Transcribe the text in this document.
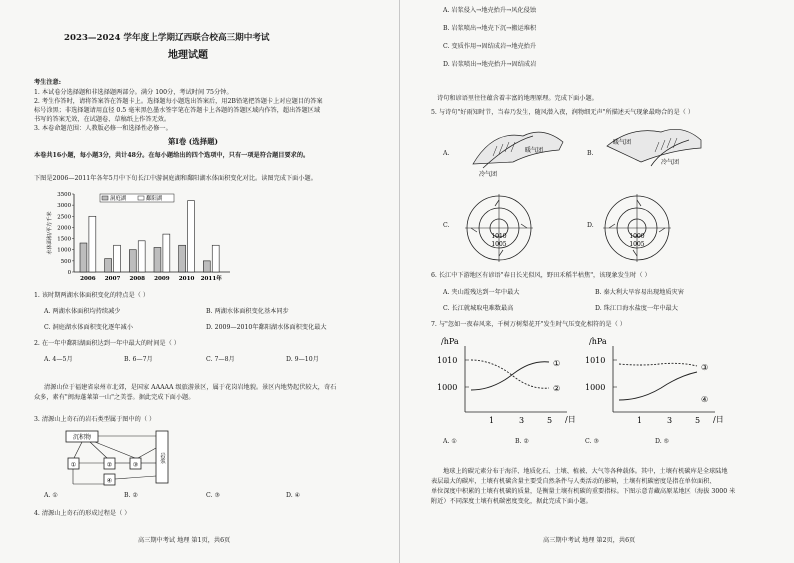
2023—2024 学年度上学期辽西联合校高三期中考试
地理试题
考生注意:
1. 本试卷分选择题和非选择题两部分。满分 100分，考试时间 75分钟。
2. 考生作答时，请将答案答在答题卡上。选择题每小题选出答案后，用2B铅笔把答题卡上对应题目的答案
标号涂黑；非选择题请用直径 0.5 毫米黑色墨水签字笔在答题卡上各题的答题区域内作答，超出答题区域
书写的答案无效，在试题卷、草稿纸上作答无效。
3. 本卷命题范围：人教版必修一和选择性必修一。
第Ⅰ卷 (选择题)
本卷共16小题，每小题3分，共计48分。在每小题给出的四个选项中，只有一项是符合题目要求的。
下图是2006—2011年各年5月中下旬长江中游洞庭湖和鄱阳湖水体面积变化对比。读图完成下面小题。
0
500
1000
1500
2000
2500
3000
3500
水体面积/平方千米
2006 2007 2008 2009 2010 2011年
洞庭湖	鄱阳湖
1. 该时期两湖水体面积变化的特点是（ ）
A. 两湖水体面积均持续减少	B. 两湖水体面积变化基本同步
C. 洞庭湖水体面积变化逐年减小	D. 2009—2010年鄱阳湖水体面积变化最大
2. 在一年中鄱阳湖面积达到一年中最大的时间是（ ）
A. 4—5月	B. 6—7月	C. 7—8月	D. 9—10月
清源山位于福建省泉州市北郊，是国家 AAAAA 级旅游景区，属于花岗岩地貌。景区内地势起伏较大，奇石
众多，素有"闽海蓬莱第一山"之美誉。据此完成下面小题。
3. 清源山上奇石的岩石类型属于图中的（ ）
沉积物
岩浆
①	②	③
④
A. ①	B. ②	C. ③	D. ④
4. 清源山上奇石的形成过程是（ ）
高三期中考试 地理 第1页，共6页
A. 岩浆侵入→地壳抬升→风化侵蚀
B. 岩浆喷出→地壳下沉→搬运堆积
C. 变质作用→固结成岩→地壳抬升
D. 岩浆喷出→地壳抬升→固结成岩
诗句和谚语里往往蕴含着丰富的地理原理。完成下面小题。
5. 与诗句"好雨知时节，当春乃发生，随风潜入夜，润物细无声"所描述天气现象最吻合的是（ ）
A.	暖气团
冷气团
B.
暖气团
冷气团
C.
1010
1005
D.
1000
1005
6. 长江中下游地区有谚语"春日长光似风，野田禾稻半枯焦"，该现象发生时（ ）
A. 夹山霞残达到一年中最大	B. 秦大利大旱容易出现地质灾害
C. 长江就城取电难数最高	D. 珠江口海水盐度一年中最大
7. 与"忽如一夜春风来，千树万树梨花开"发生时气压变化相符的是（ ）
/hPa
1010
1000
①
②
1	3	5 /日
/hPa
1010
1000
③
④
1	3	5 /日
A. ①	B. ②	C. ③	D. ⑤
地球上的碳元素分布于海洋、地质化石、土壤、植被、大气等各种载体。其中，土壤有机碳库是全球陆地
表层最大的碳库，土壤有机碳含量主要受自然条件与人类活动的影响，土壤有机碳密度是指在单位面积、
单位深度中积累的土壤有机碳的质量，是衡量土壤有机碳的重要指标。下图示意青藏高原某地区（海拔 3000 米
附近）不同深度土壤有机碳密度变化，据此完成下面小题。
高三期中考试 地理 第2页，共6页
